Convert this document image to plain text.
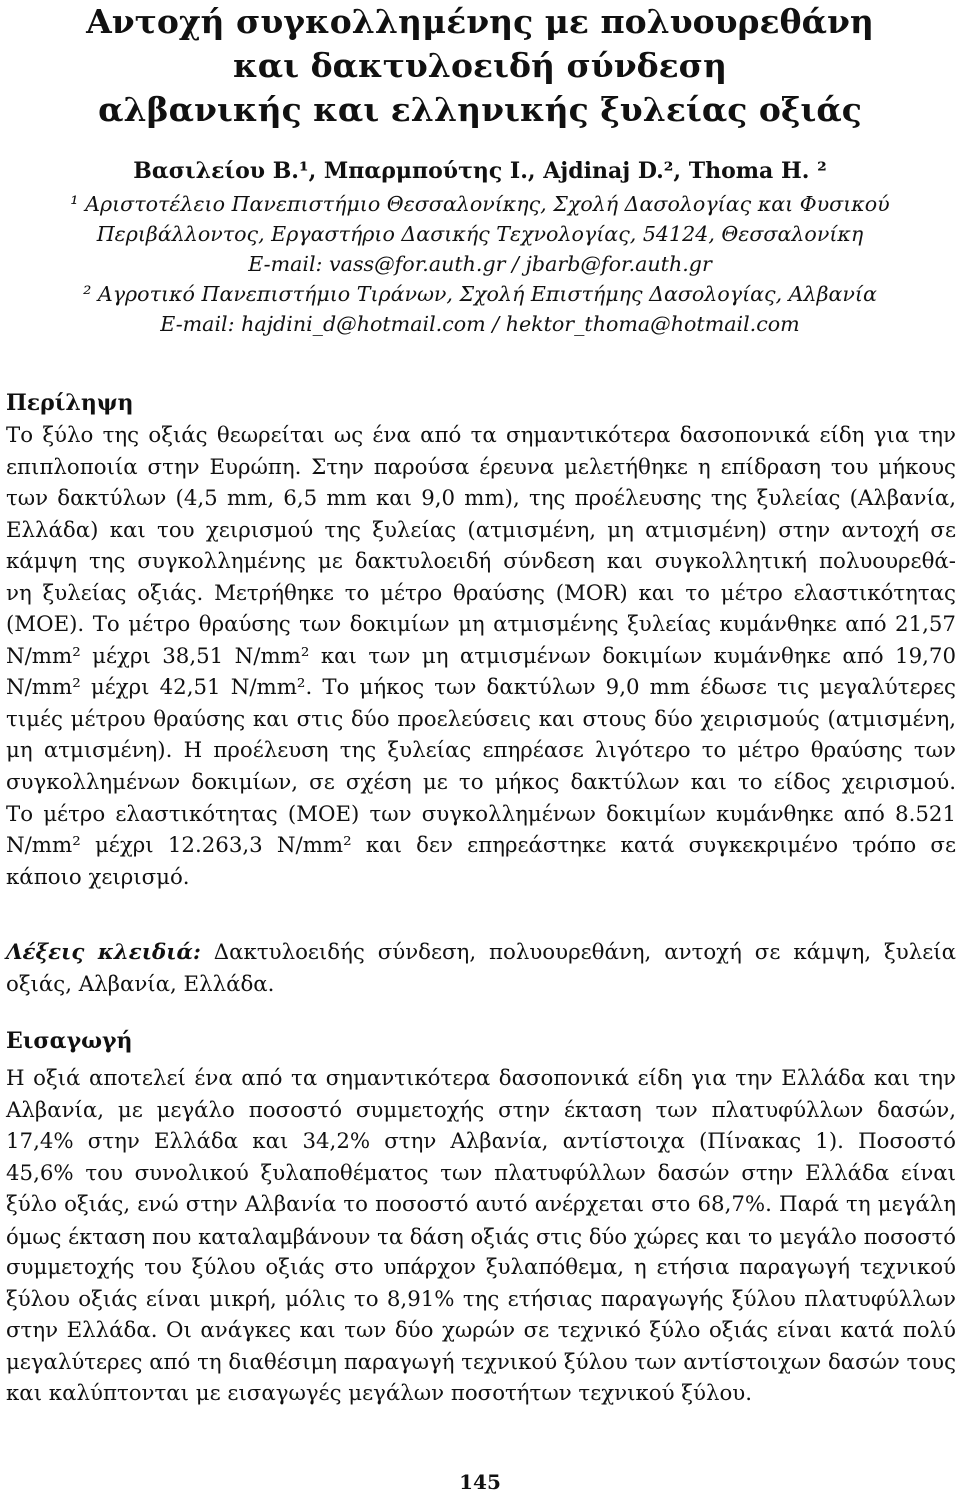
Αντοχή συγκολλημένης με πολυουρεθάνη
και δακτυλοειδή σύνδεση
αλβανικής και ελληνικής ξυλείας οξιάς
Βασιλείου Β.¹, Μπαρμπούτης Ι., Ajdinaj D.², Thoma H. ²
¹ Αριστοτέλειο Πανεπιστήμιο Θεσσαλονίκης, Σχολή Δασολογίας και Φυσικού
Περιβάλλοντος, Εργαστήριο Δασικής Τεχνολογίας, 54124, Θεσσαλονίκη
E-mail: vass@for.auth.gr / jbarb@for.auth.gr
² Αγροτικό Πανεπιστήμιο Τιράνων, Σχολή Επιστήμης Δασολογίας, Αλβανία
E-mail: hajdini_d@hotmail.com / hektor_thoma@hotmail.com
Περίληψη
Το ξύλο της οξιάς θεωρείται ως ένα από τα σημαντικότερα δασοπονικά είδη για την
επιπλοποιία στην Ευρώπη. Στην παρούσα έρευνα μελετήθηκε η επίδραση του μήκους
των δακτύλων (4,5 mm, 6,5 mm και 9,0 mm), της προέλευσης της ξυλείας (Αλβανία,
Ελλάδα) και του χειρισμού της ξυλείας (ατμισμένη, μη ατμισμένη) στην αντοχή σε
κάμψη της συγκολλημένης με δακτυλοειδή σύνδεση και συγκολλητική πολυουρεθά-
νη ξυλείας οξιάς. Μετρήθηκε το μέτρο θραύσης (MOR) και το μέτρο ελαστικότητας
(MOE). Το μέτρο θραύσης των δοκιμίων μη ατμισμένης ξυλείας κυμάνθηκε από 21,57
N/mm² μέχρι 38,51 N/mm² και των μη ατμισμένων δοκιμίων κυμάνθηκε από 19,70
N/mm² μέχρι 42,51 N/mm². Το μήκος των δακτύλων 9,0 mm έδωσε τις μεγαλύτερες
τιμές μέτρου θραύσης και στις δύο προελεύσεις και στους δύο χειρισμούς (ατμισμένη,
μη ατμισμένη). Η προέλευση της ξυλείας επηρέασε λιγότερο το μέτρο θραύσης των
συγκολλημένων δοκιμίων, σε σχέση με το μήκος δακτύλων και το είδος χειρισμού.
Το μέτρο ελαστικότητας (MOE) των συγκολλημένων δοκιμίων κυμάνθηκε από 8.521
N/mm² μέχρι 12.263,3 N/mm² και δεν επηρεάστηκε κατά συγκεκριμένο τρόπο σε
κάποιο χειρισμό.
Λέξεις κλειδιά: Δακτυλοειδής σύνδεση, πολυουρεθάνη, αντοχή σε κάμψη, ξυλεία
οξιάς, Αλβανία, Ελλάδα.
Εισαγωγή
Η οξιά αποτελεί ένα από τα σημαντικότερα δασοπονικά είδη για την Ελλάδα και την
Αλβανία, με μεγάλο ποσοστό συμμετοχής στην έκταση των πλατυφύλλων δασών,
17,4% στην Ελλάδα και 34,2% στην Αλβανία, αντίστοιχα (Πίνακας 1). Ποσοστό
45,6% του συνολικού ξυλαποθέματος των πλατυφύλλων δασών στην Ελλάδα είναι
ξύλο οξιάς, ενώ στην Αλβανία το ποσοστό αυτό ανέρχεται στο 68,7%. Παρά τη μεγάλη
όμως έκταση που καταλαμβάνουν τα δάση οξιάς στις δύο χώρες και το μεγάλο ποσοστό
συμμετοχής του ξύλου οξιάς στο υπάρχον ξυλαπόθεμα, η ετήσια παραγωγή τεχνικού
ξύλου οξιάς είναι μικρή, μόλις το 8,91% της ετήσιας παραγωγής ξύλου πλατυφύλλων
στην Ελλάδα. Οι ανάγκες και των δύο χωρών σε τεχνικό ξύλο οξιάς είναι κατά πολύ
μεγαλύτερες από τη διαθέσιμη παραγωγή τεχνικού ξύλου των αντίστοιχων δασών τους
και καλύπτονται με εισαγωγές μεγάλων ποσοτήτων τεχνικού ξύλου.
145
